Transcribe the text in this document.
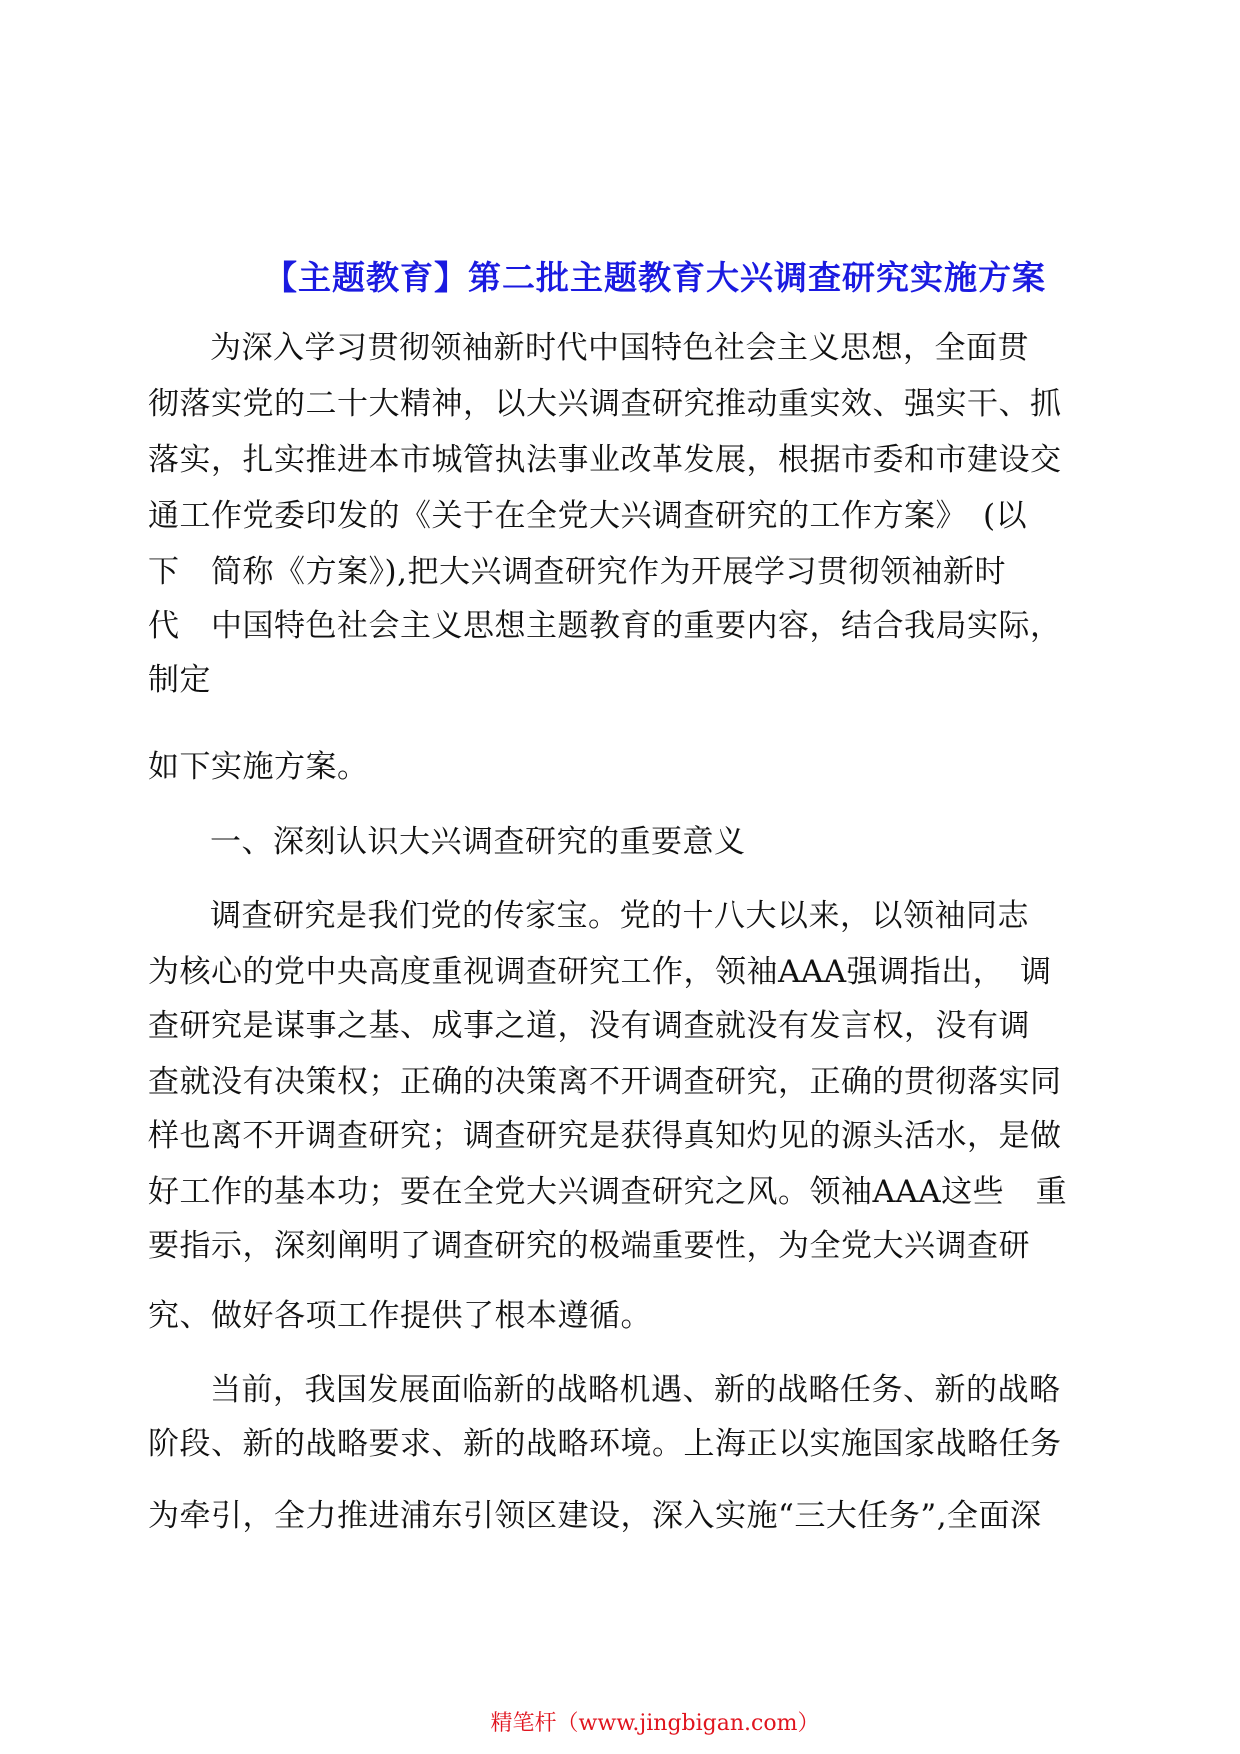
【主题教育】第二批主题教育大兴调查研究实施方案
为深入学习贯彻领袖新时代中国特色社会主义思想，全面贯
彻落实党的二十大精神，以大兴调查研究推动重实效、强实干、抓
落实，扎实推进本市城管执法事业改革发展，根据市委和市建设交
通工作党委印发的《关于在全党大兴调查研究的工作方案》　(以
下　简称《方案》),把大兴调查研究作为开展学习贯彻领袖新时
代　中国特色社会主义思想主题教育的重要内容，结合我局实际，
制定
如下实施方案。
一、深刻认识大兴调查研究的重要意义
调查研究是我们党的传家宝。党的十八大以来，以领袖同志
为核心的党中央高度重视调查研究工作，领袖AAA强调指出，　调
查研究是谋事之基、成事之道，没有调查就没有发言权，没有调
查就没有决策权；正确的决策离不开调查研究，正确的贯彻落实同
样也离不开调查研究；调查研究是获得真知灼见的源头活水，是做
好工作的基本功；要在全党大兴调查研究之风。领袖AAA这些　重
要指示，深刻阐明了调查研究的极端重要性，为全党大兴调查研
究、做好各项工作提供了根本遵循。
当前，我国发展面临新的战略机遇、新的战略任务、新的战略
阶段、新的战略要求、新的战略环境。上海正以实施国家战略任务
为牵引，全力推进浦东引领区建设，深入实施“三大任务”,全面深
精笔杆（www.jingbigan.com）
